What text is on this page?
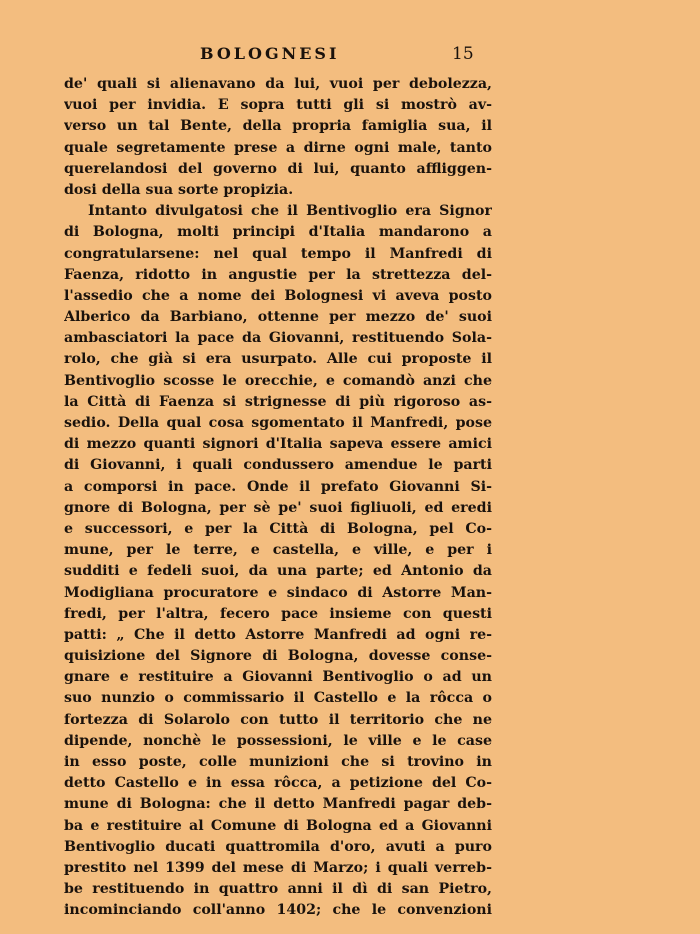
BOLOGNESI	15
de' quali si alienavano da lui, vuoi per debolezza,
vuoi per invidia. E sopra tutti gli si mostrò av-
verso un tal Bente, della propria famiglia sua, il
quale segretamente prese a dirne ogni male, tanto
querelandosi del governo di lui, quanto affliggen-
dosi della sua sorte propizia.
Intanto divulgatosi che il Bentivoglio era Signor
di Bologna, molti principi d'Italia mandarono a
congratularsene: nel qual tempo il Manfredi di
Faenza, ridotto in angustie per la strettezza del-
l'assedio che a nome dei Bolognesi vi aveva posto
Alberico da Barbiano, ottenne per mezzo de' suoi
ambasciatori la pace da Giovanni, restituendo Sola-
rolo, che già si era usurpato. Alle cui proposte il
Bentivoglio scosse le orecchie, e comandò anzi che
la Città di Faenza si strignesse di più rigoroso as-
sedio. Della qual cosa sgomentato il Manfredi, pose
di mezzo quanti signori d'Italia sapeva essere amici
di Giovanni, i quali condussero amendue le parti
a comporsi in pace. Onde il prefato Giovanni Si-
gnore di Bologna, per sè pe' suoi figliuoli, ed eredi
e successori, e per la Città di Bologna, pel Co-
mune, per le terre, e castella, e ville, e per i
sudditi e fedeli suoi, da una parte; ed Antonio da
Modigliana procuratore e sindaco di Astorre Man-
fredi, per l'altra, fecero pace insieme con questi
patti: „ Che il detto Astorre Manfredi ad ogni re-
quisizione del Signore di Bologna, dovesse conse-
gnare e restituire a Giovanni Bentivoglio o ad un
suo nunzio o commissario il Castello e la rôcca o
fortezza di Solarolo con tutto il territorio che ne
dipende, nonchè le possessioni, le ville e le case
in esso poste, colle munizioni che si trovino in
detto Castello e in essa rôcca, a petizione del Co-
mune di Bologna: che il detto Manfredi pagar deb-
ba e restituire al Comune di Bologna ed a Giovanni
Bentivoglio ducati quattromila d'oro, avuti a puro
prestito nel 1399 del mese di Marzo; i quali verreb-
be restituendo in quattro anni il dì di san Pietro,
incominciando coll'anno 1402; che le convenzioni
